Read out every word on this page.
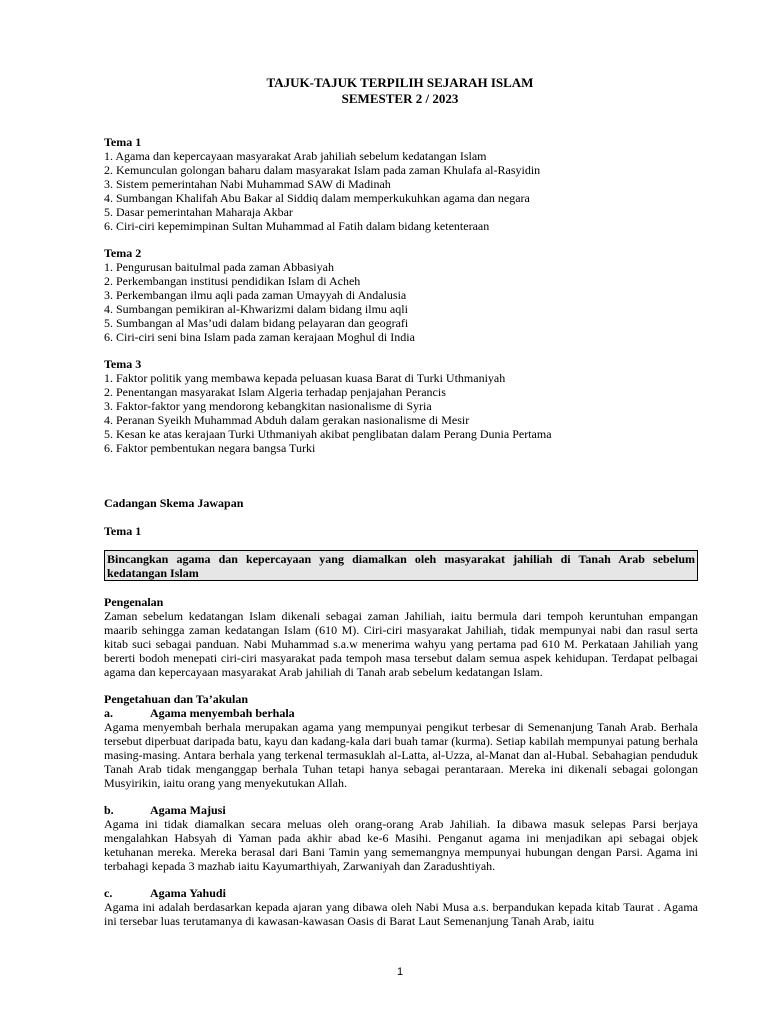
TAJUK-TAJUK TERPILIH SEJARAH ISLAM
SEMESTER 2 / 2023
Tema 1
1. Agama dan kepercayaan masyarakat Arab jahiliah sebelum kedatangan Islam
2. Kemunculan golongan baharu dalam masyarakat Islam pada zaman Khulafa al-Rasyidin
3. Sistem pemerintahan Nabi Muhammad SAW di Madinah
4. Sumbangan Khalifah Abu Bakar al Siddiq dalam memperkukuhkan agama dan negara
5. Dasar pemerintahan Maharaja Akbar
6. Ciri-ciri kepemimpinan Sultan Muhammad al Fatih dalam bidang ketenteraan
Tema 2
1. Pengurusan baitulmal pada zaman Abbasiyah
2. Perkembangan institusi pendidikan Islam di Acheh
3. Perkembangan ilmu aqli pada zaman Umayyah di Andalusia
4. Sumbangan pemikiran al-Khwarizmi dalam bidang ilmu aqli
5. Sumbangan al Mas’udi dalam bidang pelayaran dan geografi
6. Ciri-ciri seni bina Islam pada zaman kerajaan Moghul di India
Tema 3
1. Faktor politik yang membawa kepada peluasan kuasa Barat di Turki Uthmaniyah
2. Penentangan masyarakat Islam Algeria terhadap penjajahan Perancis
3. Faktor-faktor yang mendorong kebangkitan nasionalisme di Syria
4. Peranan Syeikh Muhammad Abduh dalam gerakan nasionalisme di Mesir
5. Kesan ke atas kerajaan Turki Uthmaniyah akibat penglibatan dalam Perang Dunia Pertama
6. Faktor pembentukan negara bangsa Turki
Cadangan Skema Jawapan
Tema 1
Bincangkan agama dan kepercayaan yang diamalkan oleh masyarakat jahiliah di Tanah Arab sebelum kedatangan Islam
Pengenalan

Zaman sebelum kedatangan Islam dikenali sebagai zaman Jahiliah, iaitu bermula dari tempoh keruntuhan empangan maarib sehingga zaman kedatangan Islam (610 M). Ciri-ciri masyarakat Jahiliah, tidak mempunyai nabi dan rasul serta kitab suci sebagai panduan. Nabi Muhammad s.a.w menerima wahyu yang pertama pad 610 M. Perkataan Jahiliah yang bererti bodoh menepati ciri-ciri masyarakat pada tempoh masa tersebut dalam semua aspek kehidupan. Terdapat pelbagai agama dan kepercayaan masyarakat Arab jahiliah di Tanah arab sebelum kedatangan Islam.

Pengetahuan dan Ta’akulan
a.	Agama menyembah berhala

Agama menyembah berhala merupakan agama yang mempunyai pengikut terbesar di Semenanjung Tanah Arab. Berhala tersebut diperbuat daripada batu, kayu dan kadang-kala dari buah tamar (kurma). Setiap kabilah mempunyai patung berhala masing-masing. Antara berhala yang terkenal termasuklah al-Latta, al-Uzza, al-Manat dan al-Hubal. Sebahagian penduduk Tanah Arab tidak menganggap berhala Tuhan tetapi hanya sebagai perantaraan. Mereka ini dikenali sebagai golongan Musyirikin, iaitu orang yang menyekutukan Allah.

b.	Agama Majusi

Agama ini tidak diamalkan secara meluas oleh orang-orang Arab Jahiliah. Ia dibawa masuk selepas Parsi berjaya mengalahkan Habsyah di Yaman pada akhir abad ke-6 Masihi. Penganut agama ini menjadikan api sebagai objek ketuhanan mereka. Mereka berasal dari Bani Tamin yang sememangnya mempunyai hubungan dengan Parsi. Agama ini terbahagi kepada 3 mazhab iaitu Kayumarthiyah, Zarwaniyah dan Zaradushtiyah.

c.	Agama Yahudi

Agama ini adalah berdasarkan kepada ajaran yang dibawa oleh Nabi Musa a.s. berpandukan kepada kitab Taurat . Agama ini tersebar luas terutamanya di kawasan-kawasan Oasis di Barat Laut Semenanjung Tanah Arab, iaitu

1
